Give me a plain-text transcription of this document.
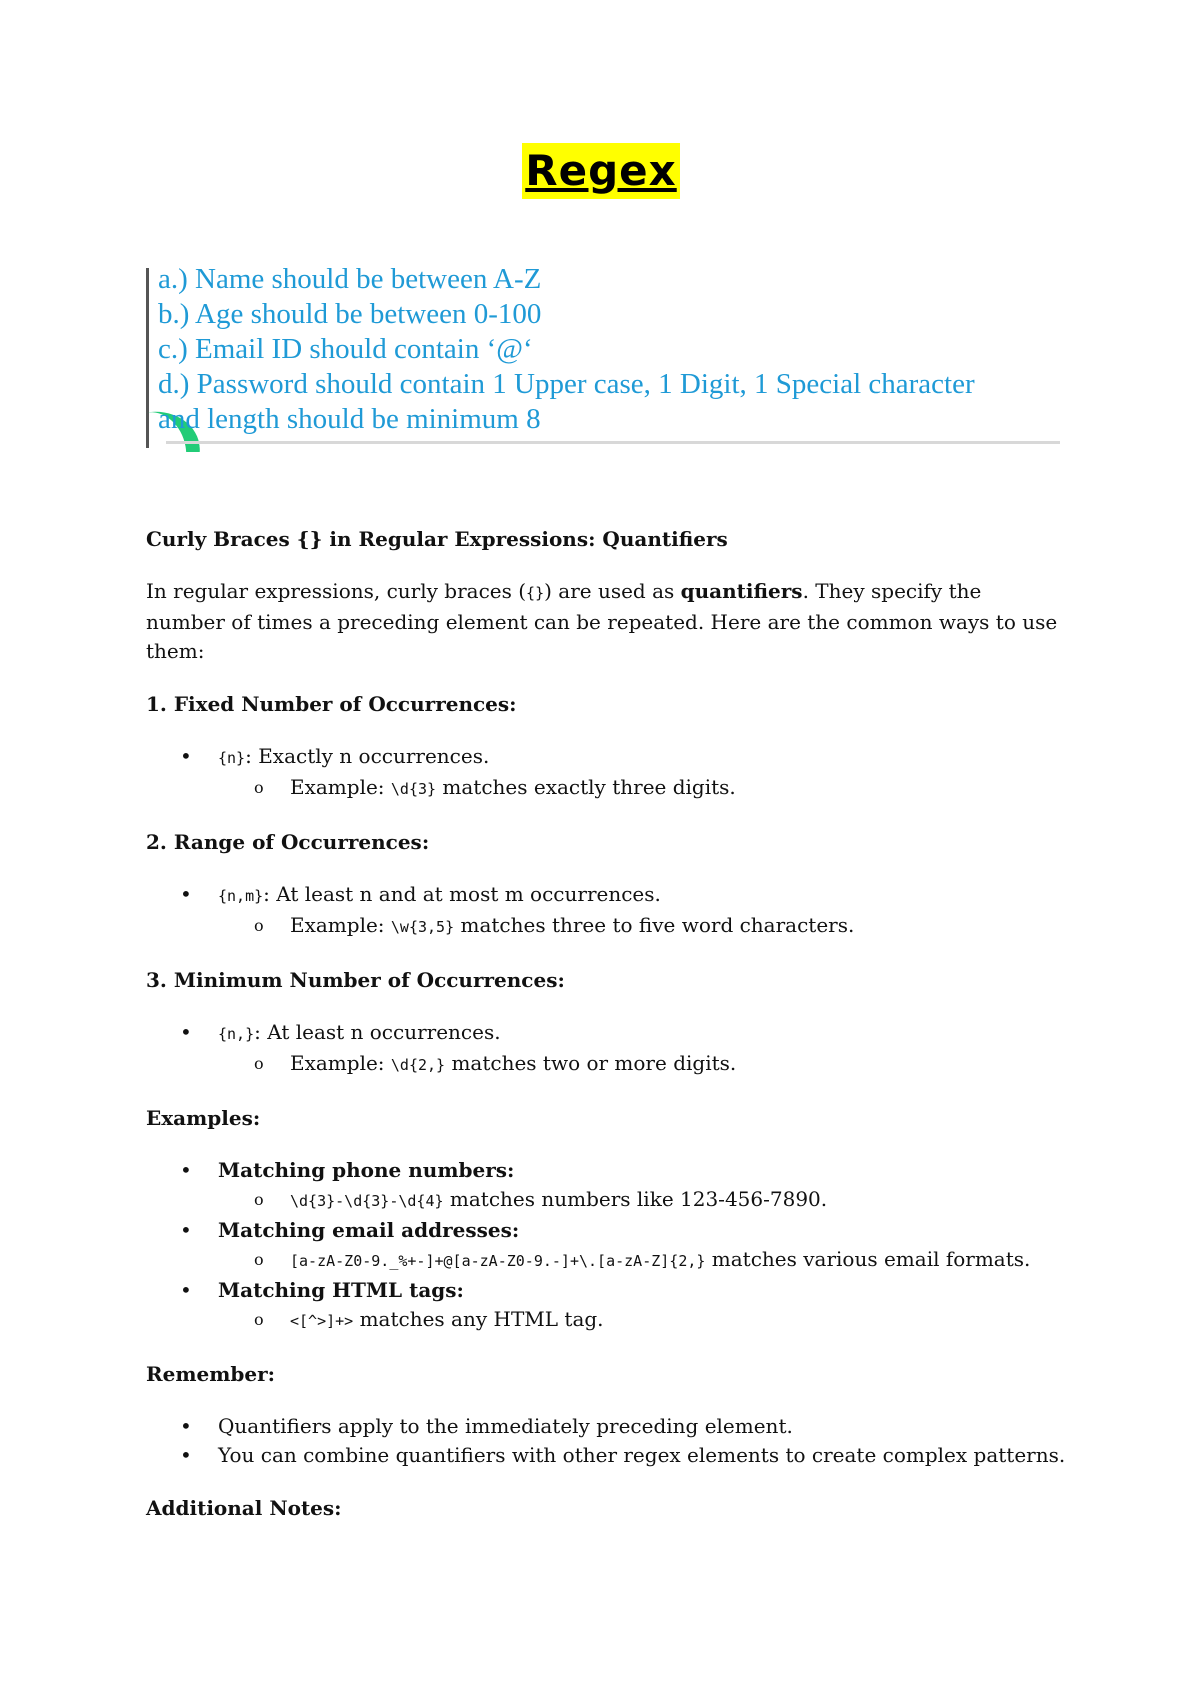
Regex
a.) Name should be between A-Z
b.) Age should be between 0-100
c.) Email ID should contain ‘@‘
d.) Password should contain 1 Upper case, 1 Digit, 1 Special character
and length should be minimum 8

Curly Braces {} in Regular Expressions: Quantifiers

In regular expressions, curly braces ({}) are used as quantifiers. They specify the number of times a preceding element can be repeated. Here are the common ways to use them:

1. Fixed Number of Occurrences:

• {n}: Exactly n occurrences.
o Example: \d{3} matches exactly three digits.

2. Range of Occurrences:

• {n,m}: At least n and at most m occurrences.
o Example: \w{3,5} matches three to five word characters.

3. Minimum Number of Occurrences:

• {n,}: At least n occurrences.
o Example: \d{2,} matches two or more digits.

Examples:

• Matching phone numbers:
o \d{3}-\d{3}-\d{4} matches numbers like 123-456-7890.
• Matching email addresses:
o [a-zA-Z0-9._%+-]+@[a-zA-Z0-9.-]+\.[a-zA-Z]{2,} matches various email formats.
• Matching HTML tags:
o <[^>]+> matches any HTML tag.

Remember:

• Quantifiers apply to the immediately preceding element.
• You can combine quantifiers with other regex elements to create complex patterns.

Additional Notes:
